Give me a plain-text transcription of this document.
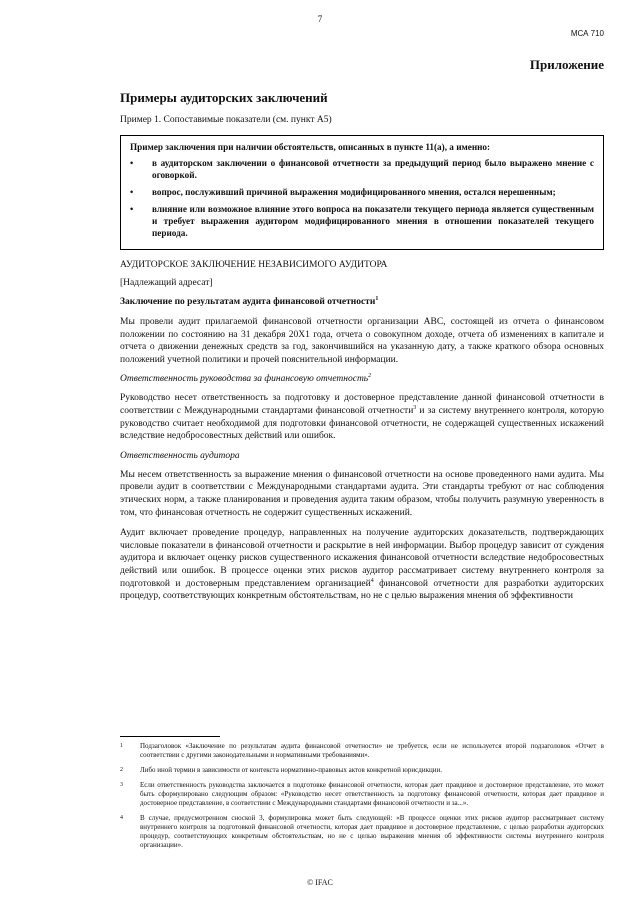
7
МСА 710
Приложение
Примеры аудиторских заключений
Пример 1. Сопоставимые показатели (см. пункт A5)
Пример заключения при наличии обстоятельств, описанных в пункте 11(a), а именно:
•	в аудиторском заключении о финансовой отчетности за предыдущий период было выражено мнение с оговоркой.
•	вопрос, послуживший причиной выражения модифицированного мнения, остался нерешенным;
•	влияние или возможное влияние этого вопроса на показатели текущего периода является существенным и требует выражения аудитором модифицированного мнения в отношении показателей текущего периода.
АУДИТОРСКОЕ ЗАКЛЮЧЕНИЕ НЕЗАВИСИМОГО АУДИТОРА
[Надлежащий адресат]
Заключение по результатам аудита финансовой отчетности$^1$
Мы провели аудит прилагаемой финансовой отчетности организации ABC, состоящей из отчета о финансовом положении по состоянию на 31 декабря 20X1 года, отчета о совокупном доходе, отчета об изменениях в капитале и отчета о движении денежных средств за год, закончившийся на указанную дату, а также краткого обзора основных положений учетной политики и прочей пояснительной информации.
Ответственность руководства за финансовую отчетность$^2$
Руководство несет ответственность за подготовку и достоверное представление данной финансовой отчетности в соответствии с Международными стандартами финансовой отчетности$^3$ и за систему внутреннего контроля, которую руководство считает необходимой для подготовки финансовой отчетности, не содержащей существенных искажений вследствие недобросовестных действий или ошибок.
Ответственность аудитора
Мы несем ответственность за выражение мнения о финансовой отчетности на основе проведенного нами аудита. Мы провели аудит в соответствии с Международными стандартами аудита. Эти стандарты требуют от нас соблюдения этических норм, а также планирования и проведения аудита таким образом, чтобы получить разумную уверенность в том, что финансовая отчетность не содержит существенных искажений.
Аудит включает проведение процедур, направленных на получение аудиторских доказательств, подтверждающих числовые показатели в финансовой отчетности и раскрытие в ней информации. Выбор процедур зависит от суждения аудитора и включает оценку рисков существенного искажения финансовой отчетности вследствие недобросовестных действий или ошибок. В процессе оценки этих рисков аудитор рассматривает систему внутреннего контроля за подготовкой и достоверным представлением организацией$^4$ финансовой отчетности для разработки аудиторских процедур, соответствующих конкретным обстоятельствам, но не с целью выражения мнения об эффективности
1	Подзаголовок «Заключение по результатам аудита финансовой отчетности» не требуется, если не используется второй подзаголовок «Отчет в соответствии с другими законодательными и нормативными требованиями».
2	Либо иной термин в зависимости от контекста нормативно-правовых актов конкретной юрисдикции.
3	Если ответственность руководства заключается в подготовке финансовой отчетности, которая дает правдивое и достоверное представление, это может быть сформулировано следующим образом: «Руководство несет ответственность за подготовку финансовой отчетности, которая дает правдивое и достоверное представление, в соответствии с Международными стандартами финансовой отчетности и за...».
4	В случае, предусмотренном сноской 3, формулировка может быть следующей: «В процессе оценки этих рисков аудитор рассматривает систему внутреннего контроля за подготовкой финансовой отчетности, которая дает правдивое и достоверное представление, с целью разработки аудиторских процедур, соответствующих конкретным обстоятельствам, но не с целью выражения мнения об эффективности системы внутреннего контроля организации».
© IFAC
